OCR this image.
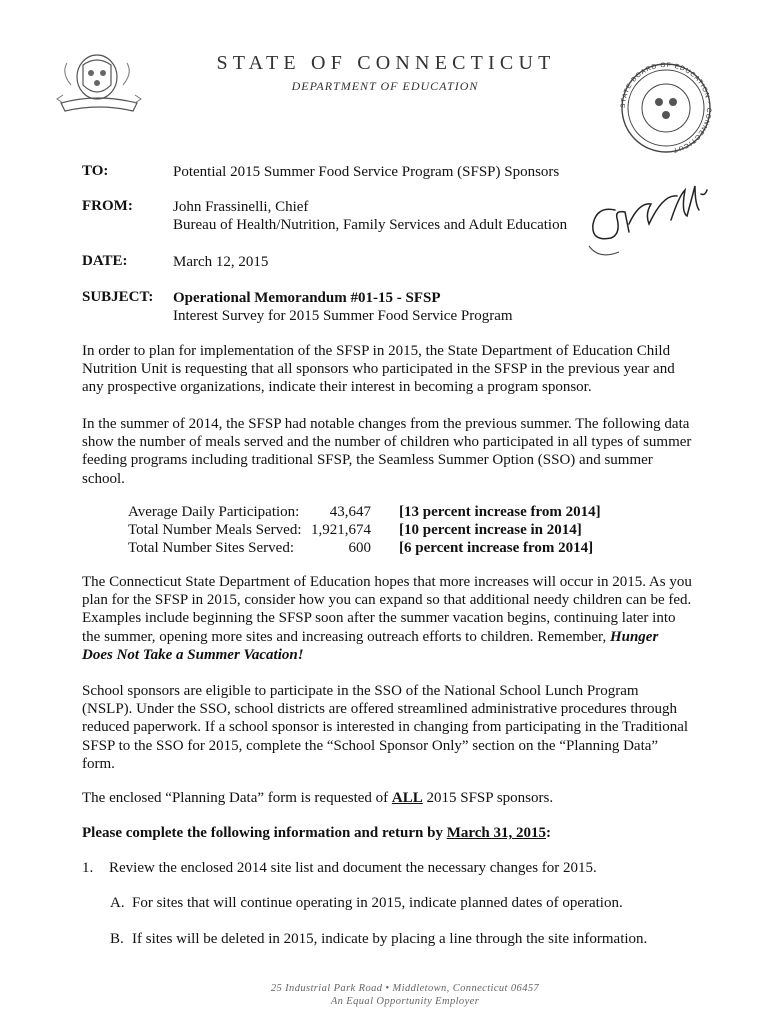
STATE OF CONNECTICUT
DEPARTMENT OF EDUCATION
STATE BOARD OF EDUCATION · CONNECTICUT
TO:	Potential 2015 Summer Food Service Program (SFSP) Sponsors
FROM:	John Frassinelli, Chief
Bureau of Health/Nutrition, Family Services and Adult Education
DATE:	March 12, 2015
SUBJECT: Operational Memorandum #01-15 - SFSP
Interest Survey for 2015 Summer Food Service Program
In order to plan for implementation of the SFSP in 2015, the State Department of Education Child Nutrition Unit is requesting that all sponsors who participated in the SFSP in the previous year and any prospective organizations, indicate their interest in becoming a program sponsor.
In the summer of 2014, the SFSP had notable changes from the previous summer. The following data show the number of meals served and the number of children who participated in all types of summer feeding programs including traditional SFSP, the Seamless Summer Option (SSO) and summer school.
Average Daily Participation:	43,647 [13 percent increase from 2014]
Total Number Meals Served: 1,921,674 [10 percent increase in 2014]
Total Number Sites Served:	600 [6 percent increase from 2014]
The Connecticut State Department of Education hopes that more increases will occur in 2015. As you plan for the SFSP in 2015, consider how you can expand so that additional needy children can be fed. Examples include beginning the SFSP soon after the summer vacation begins, continuing later into the summer, opening more sites and increasing outreach efforts to children. Remember, Hunger Does Not Take a Summer Vacation!
School sponsors are eligible to participate in the SSO of the National School Lunch Program (NSLP). Under the SSO, school districts are offered streamlined administrative procedures through reduced paperwork. If a school sponsor is interested in changing from participating in the Traditional SFSP to the SSO for 2015, complete the “School Sponsor Only” section on the “Planning Data” form.
The enclosed “Planning Data” form is requested of ALL 2015 SFSP sponsors.
Please complete the following information and return by March 31, 2015:
1. Review the enclosed 2014 site list and document the necessary changes for 2015.
A. For sites that will continue operating in 2015, indicate planned dates of operation.
B. If sites will be deleted in 2015, indicate by placing a line through the site information.
25 Industrial Park Road • Middletown, Connecticut 06457
An Equal Opportunity Employer
